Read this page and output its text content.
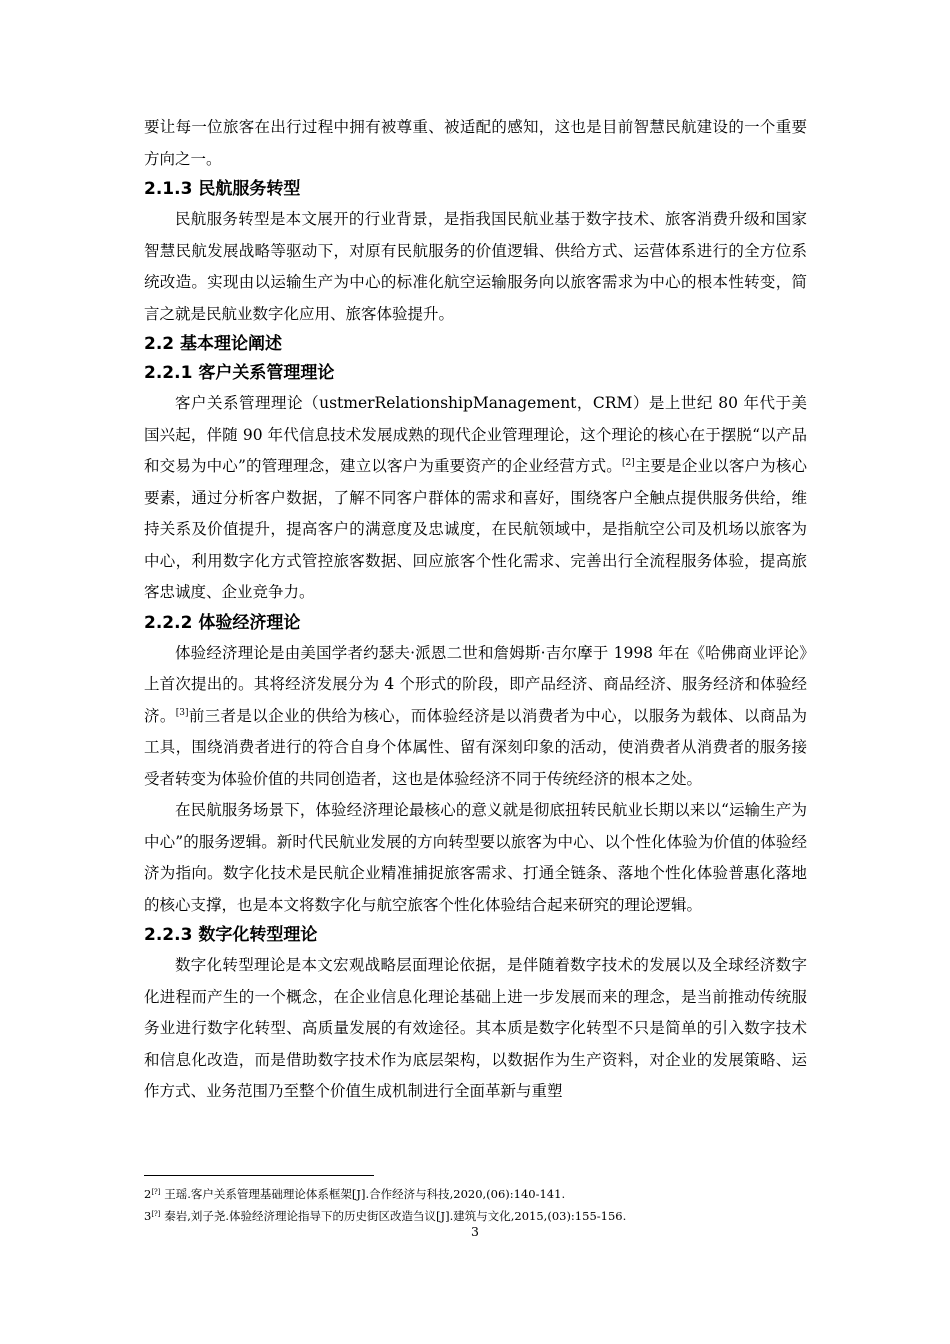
要让每一位旅客在出行过程中拥有被尊重、被适配的感知，这也是目前智慧民航建设的一个重要方向之一。

2.1.3 民航服务转型

民航服务转型是本文展开的行业背景，是指我国民航业基于数字技术、旅客消费升级和国家智慧民航发展战略等驱动下，对原有民航服务的价值逻辑、供给方式、运营体系进行的全方位系统改造。实现由以运输生产为中心的标准化航空运输服务向以旅客需求为中心的根本性转变，简言之就是民航业数字化应用、旅客体验提升。

2.2 基本理论阐述
2.2.1 客户关系管理理论

客户关系管理理论（ustmerRelationshipManagement，CRM）是上世纪 80 年代于美国兴起，伴随 90 年代信息技术发展成熟的现代企业管理理论，这个理论的核心在于摆脱“以产品和交易为中心”的管理理念，建立以客户为重要资产的企业经营方式。[2]主要是企业以客户为核心要素，通过分析客户数据，了解不同客户群体的需求和喜好，围绕客户全触点提供服务供给，维持关系及价值提升，提高客户的满意度及忠诚度，在民航领域中，是指航空公司及机场以旅客为中心，利用数字化方式管控旅客数据、回应旅客个性化需求、完善出行全流程服务体验，提高旅客忠诚度、企业竞争力。

2.2.2 体验经济理论

体验经济理论是由美国学者约瑟夫·派恩二世和詹姆斯·吉尔摩于 1998 年在《哈佛商业评论》上首次提出的。其将经济发展分为 4 个形式的阶段，即产品经济、商品经济、服务经济和体验经济。[3]前三者是以企业的供给为核心，而体验经济是以消费者为中心，以服务为载体、以商品为工具，围绕消费者进行的符合自身个体属性、留有深刻印象的活动，使消费者从消费者的服务接受者转变为体验价值的共同创造者，这也是体验经济不同于传统经济的根本之处。

在民航服务场景下，体验经济理论最核心的意义就是彻底扭转民航业长期以来以“运输生产为中心”的服务逻辑。新时代民航业发展的方向转型要以旅客为中心、以个性化体验为价值的体验经济为指向。数字化技术是民航企业精准捕捉旅客需求、打通全链条、落地个性化体验普惠化落地的核心支撑，也是本文将数字化与航空旅客个性化体验结合起来研究的理论逻辑。

2.2.3 数字化转型理论

数字化转型理论是本文宏观战略层面理论依据，是伴随着数字技术的发展以及全球经济数字化进程而产生的一个概念，在企业信息化理论基础上进一步发展而来的理念，是当前推动传统服务业进行数字化转型、高质量发展的有效途径。其本质是数字化转型不只是简单的引入数字技术和信息化改造，而是借助数字技术作为底层架构，以数据作为生产资料，对企业的发展策略、运作方式、业务范围乃至整个价值生成机制进行全面革新与重塑

2[?] 王瑶.客户关系管理基础理论体系框架[J].合作经济与科技,2020,(06):140-141.
3[?] 秦岩,刘子尧.体验经济理论指导下的历史街区改造刍议[J].建筑与文化,2015,(03):155-156.
3
